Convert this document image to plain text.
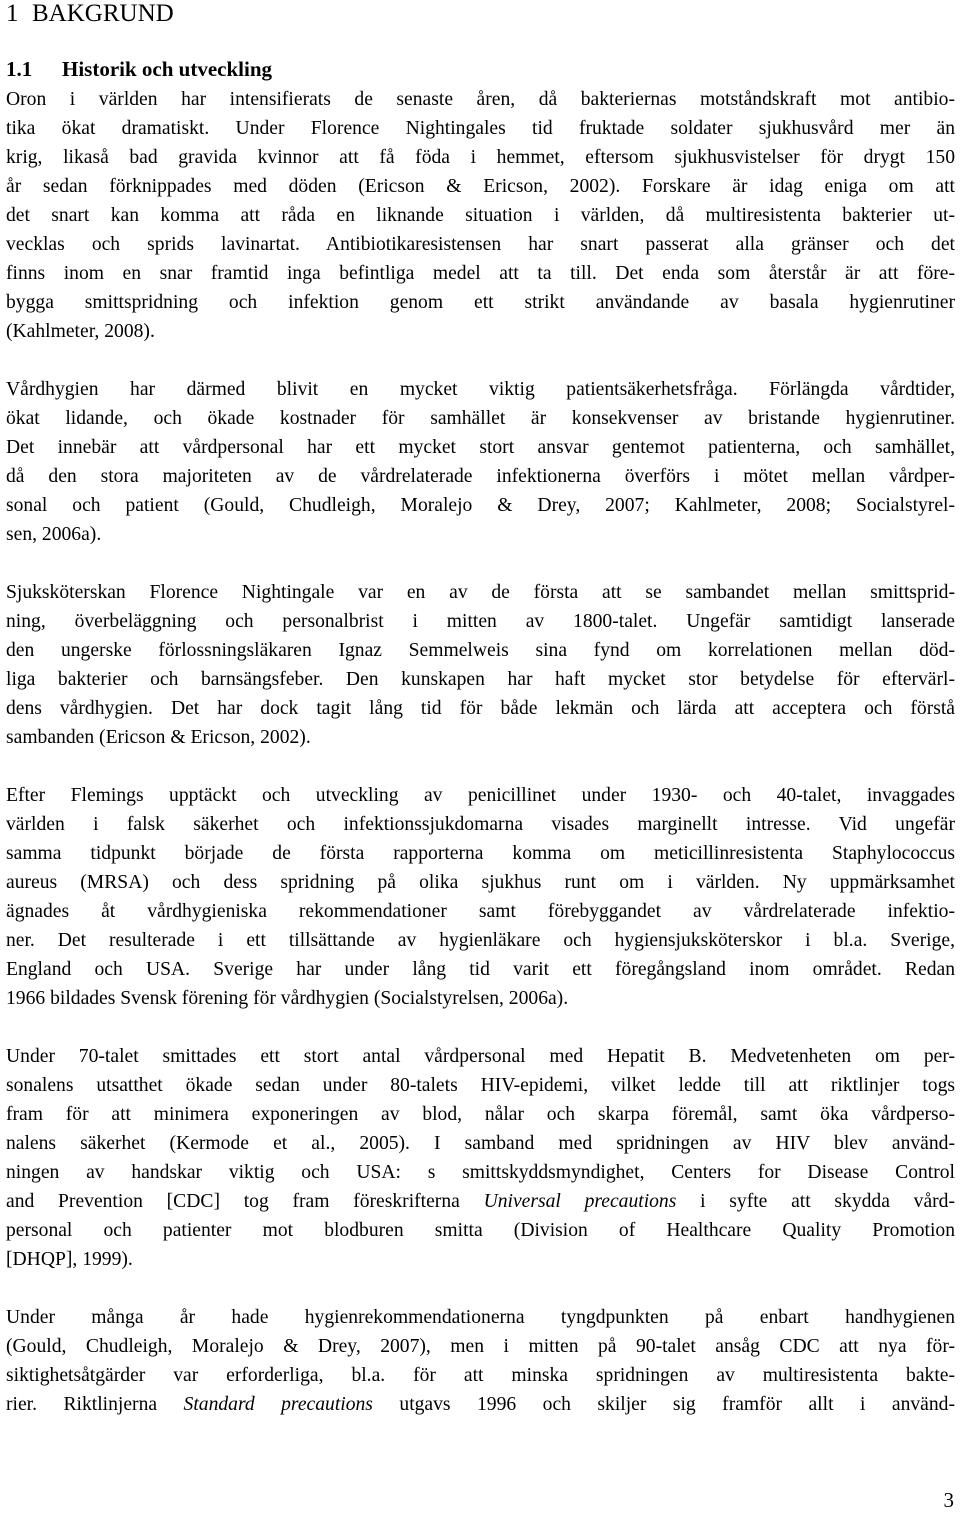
1 BAKGRUND
1.1 Historik och utveckling
Oron i världen har intensifierats de senaste åren, då bakteriernas motståndskraft mot antibio-
tika ökat dramatiskt. Under Florence Nightingales tid fruktade soldater sjukhusvård mer än
krig, likaså bad gravida kvinnor att få föda i hemmet, eftersom sjukhusvistelser för drygt 150
år sedan förknippades med döden (Ericson & Ericson, 2002). Forskare är idag eniga om att
det snart kan komma att råda en liknande situation i världen, då multiresistenta bakterier ut-
vecklas och sprids lavinartat. Antibiotikaresistensen har snart passerat alla gränser och det
finns inom en snar framtid inga befintliga medel att ta till. Det enda som återstår är att före-
bygga smittspridning och infektion genom ett strikt användande av basala hygienrutiner
(Kahlmeter, 2008).
Vårdhygien har därmed blivit en mycket viktig patientsäkerhetsfråga. Förlängda vårdtider,
ökat lidande, och ökade kostnader för samhället är konsekvenser av bristande hygienrutiner.
Det innebär att vårdpersonal har ett mycket stort ansvar gentemot patienterna, och samhället,
då den stora majoriteten av de vårdrelaterade infektionerna överförs i mötet mellan vårdper-
sonal och patient (Gould, Chudleigh, Moralejo & Drey, 2007; Kahlmeter, 2008; Socialstyrel-
sen, 2006a).
Sjuksköterskan Florence Nightingale var en av de första att se sambandet mellan smittsprid-
ning, överbeläggning och personalbrist i mitten av 1800-talet. Ungefär samtidigt lanserade
den ungerske förlossningsläkaren Ignaz Semmelweis sina fynd om korrelationen mellan död-
liga bakterier och barnsängsfeber. Den kunskapen har haft mycket stor betydelse för eftervärl-
dens vårdhygien. Det har dock tagit lång tid för både lekmän och lärda att acceptera och förstå
sambanden (Ericson & Ericson, 2002).
Efter Flemings upptäckt och utveckling av penicillinet under 1930- och 40-talet, invaggades
världen i falsk säkerhet och infektionssjukdomarna visades marginellt intresse. Vid ungefär
samma tidpunkt började de första rapporterna komma om meticillinresistenta Staphylococcus
aureus (MRSA) och dess spridning på olika sjukhus runt om i världen. Ny uppmärksamhet
ägnades åt vårdhygieniska rekommendationer samt förebyggandet av vårdrelaterade infektio-
ner. Det resulterade i ett tillsättande av hygienläkare och hygiensjuksköterskor i bl.a. Sverige,
England och USA. Sverige har under lång tid varit ett föregångsland inom området. Redan
1966 bildades Svensk förening för vårdhygien (Socialstyrelsen, 2006a).
Under 70-talet smittades ett stort antal vårdpersonal med Hepatit B. Medvetenheten om per-
sonalens utsatthet ökade sedan under 80-talets HIV-epidemi, vilket ledde till att riktlinjer togs
fram för att minimera exponeringen av blod, nålar och skarpa föremål, samt öka vårdperso-
nalens säkerhet (Kermode et al., 2005). I samband med spridningen av HIV blev använd-
ningen av handskar viktig och USA: s smittskyddsmyndighet, Centers for Disease Control
and Prevention [CDC] tog fram föreskrifterna Universal precautions i syfte att skydda vård-
personal och patienter mot blodburen smitta (Division of Healthcare Quality Promotion
[DHQP], 1999).
Under många år hade hygienrekommendationerna tyngdpunkten på enbart handhygienen
(Gould, Chudleigh, Moralejo & Drey, 2007), men i mitten på 90-talet ansåg CDC att nya för-
siktighetsåtgärder var erforderliga, bl.a. för att minska spridningen av multiresistenta bakte-
rier. Riktlinjerna Standard precautions utgavs 1996 och skiljer sig framför allt i använd-
3
